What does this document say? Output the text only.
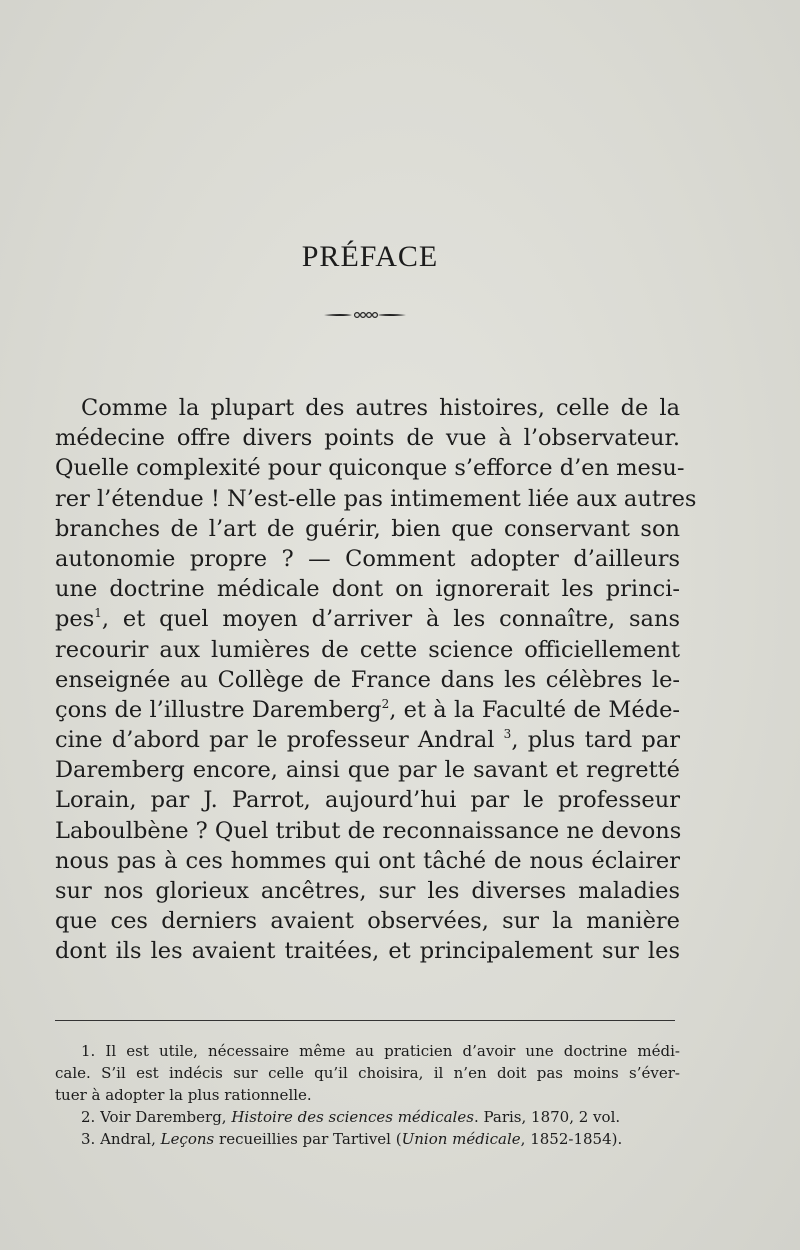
PRÉFACE
Comme la plupart des autres histoires, celle de la
médecine offre divers points de vue à l’observateur.
Quelle complexité pour quiconque s’efforce d’en mesu-
rer l’étendue ! N’est-elle pas intimement liée aux autres
branches de l’art de guérir, bien que conservant son
autonomie propre ? — Comment adopter d’ailleurs
une doctrine médicale dont on ignorerait les princi-
pes$^1$, et quel moyen d’arriver à les connaître, sans
recourir aux lumières de cette science officiellement
enseignée au Collège de France dans les célèbres le-
çons de l’illustre Daremberg$^2$, et à la Faculté de Méde-
cine d’abord par le professeur Andral $^3$, plus tard par
Daremberg encore, ainsi que par le savant et regretté
Lorain, par J. Parrot, aujourd’hui par le professeur
Laboulbène ? Quel tribut de reconnaissance ne devons
nous pas à ces hommes qui ont tâché de nous éclairer
sur nos glorieux ancêtres, sur les diverses maladies
que ces derniers avaient observées, sur la manière
dont ils les avaient traitées, et principalement sur les
1. Il est utile, nécessaire même au praticien d’avoir une doctrine médi-
cale. S’il est indécis sur celle qu’il choisira, il n’en doit pas moins s’éver-
tuer à adopter la plus rationnelle.
2. Voir Daremberg, Histoire des sciences médicales. Paris, 1870, 2 vol.
3. Andral, Leçons recueillies par Tartivel (Union médicale, 1852-1854).
